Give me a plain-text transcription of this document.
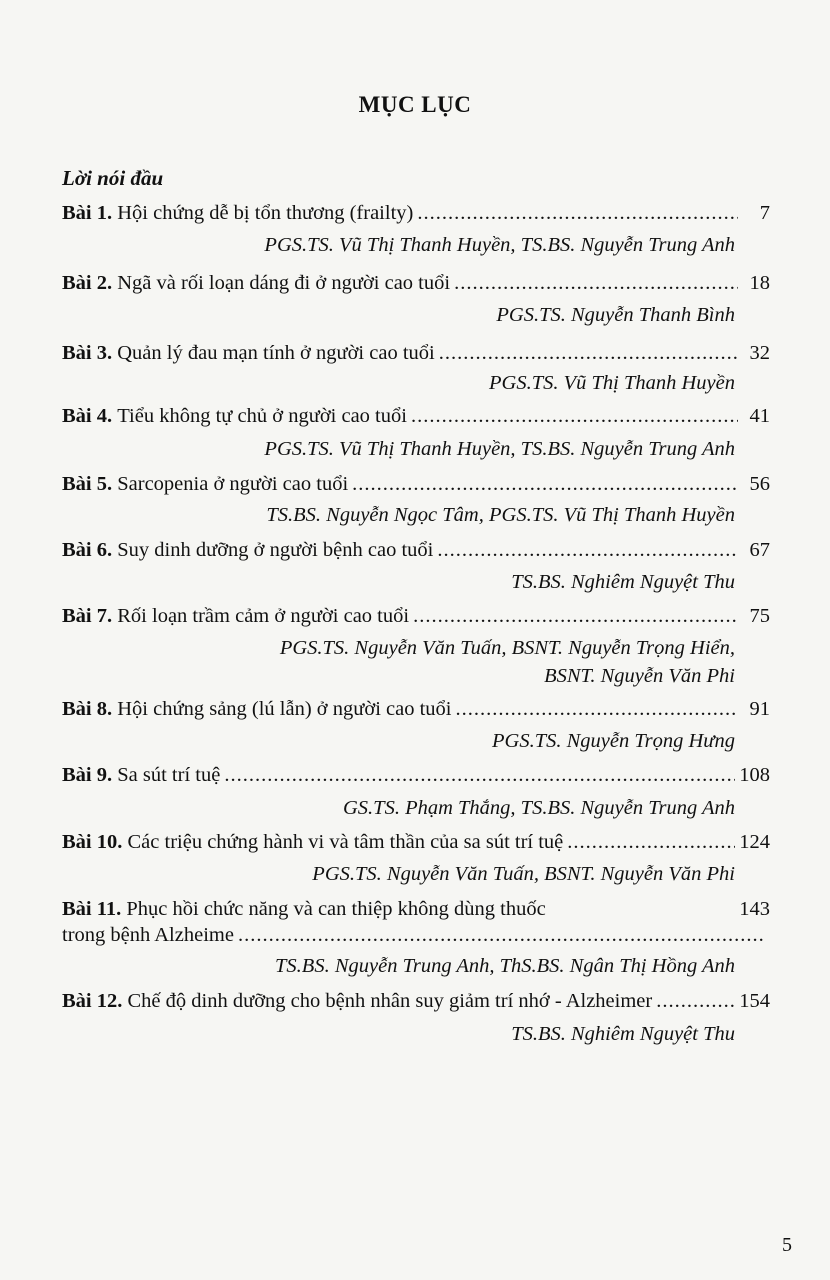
MỤC LỤC
Lời nói đầu
Bài 1.
Hội chứng dễ bị tổn thương (frailty) .....	7
PGS.TS. Vũ Thị Thanh Huyền, TS.BS. Nguyễn Trung Anh
Bài 2.
Ngã và rối loạn dáng đi ở người cao tuổi .....	18
PGS.TS. Nguyễn Thanh Bình
Bài 3.
Quản lý đau mạn tính ở người cao tuổi .....	32
PGS.TS. Vũ Thị Thanh Huyền
Bài 4.
Tiểu không tự chủ ở người cao tuổi .....	41
PGS.TS. Vũ Thị Thanh Huyền, TS.BS. Nguyễn Trung Anh
Bài 5.
Sarcopenia ở người cao tuổi .....	56
TS.BS. Nguyễn Ngọc Tâm, PGS.TS. Vũ Thị Thanh Huyền
Bài 6.
Suy dinh dưỡng ở người bệnh cao tuổi .....	67
TS.BS. Nghiêm Nguyệt Thu
Bài 7.
Rối loạn trầm cảm ở người cao tuổi .....	75
PGS.TS. Nguyễn Văn Tuấn, BSNT. Nguyễn Trọng Hiển,
BSNT. Nguyễn Văn Phi
Bài 8.
Hội chứng sảng (lú lẫn) ở người cao tuổi .....	91
PGS.TS. Nguyễn Trọng Hưng
Bài 9.
Sa sút trí tuệ .....	108
GS.TS. Phạm Thắng, TS.BS. Nguyễn Trung Anh
Bài 10.
Các triệu chứng hành vi và tâm thần của sa sút trí tuệ .....	124
PGS.TS. Nguyễn Văn Tuấn, BSNT. Nguyễn Văn Phi
Bài 11.
Phục hồi chức năng và can thiệp không dùng thuốc	143
trong bệnh Alzheime
.....
TS.BS. Nguyễn Trung Anh, ThS.BS. Ngân Thị Hồng Anh
Bài 12.
Chế độ dinh dưỡng cho bệnh nhân suy giảm trí nhớ - Alzheimer .....	154
TS.BS. Nghiêm Nguyệt Thu
5
